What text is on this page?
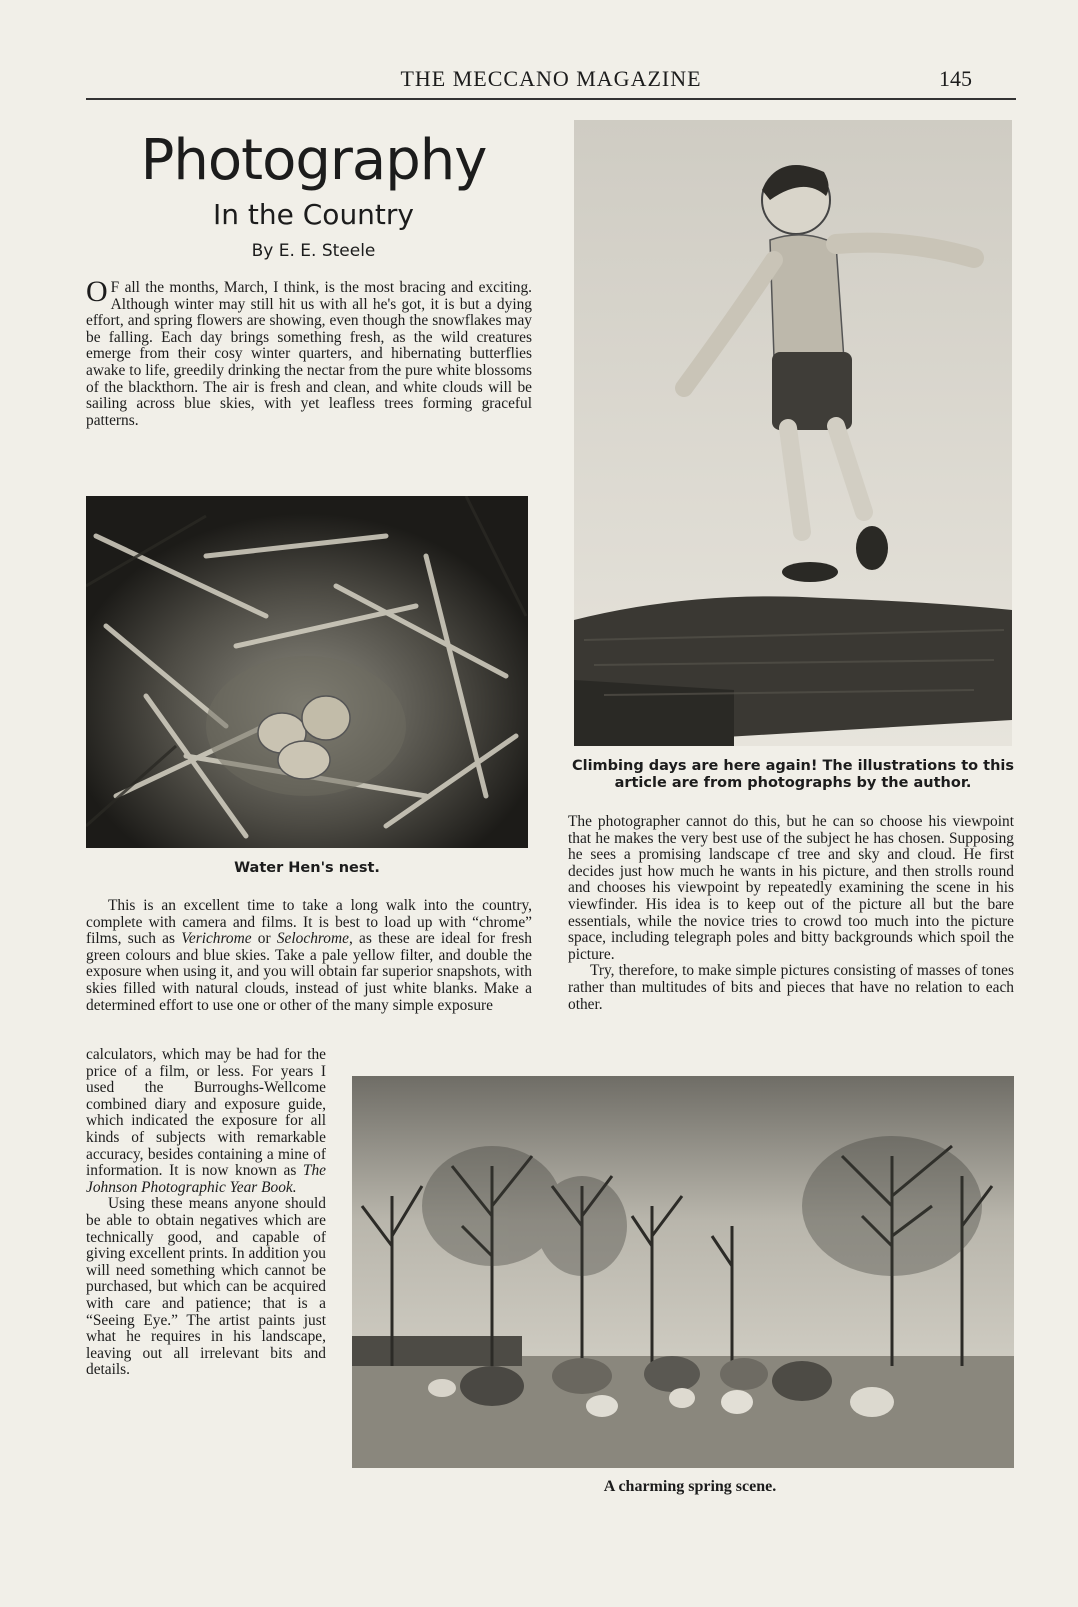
THE MECCANO MAGAZINE	145
Photography
In the Country
By E. E. Steele

O F all the months, March, I think, is the most bracing and exciting. Although winter may still hit us with all he's got, it is but a dying effort, and spring flowers are showing, even though the snowflakes may be falling. Each day brings something fresh, as the wild creatures emerge from their cosy winter quarters, and hibernating butterflies awake to life, greedily drinking the nectar from the pure white blossoms of the blackthorn. The air is fresh and clean, and white clouds will be sailing across blue skies, with yet leafless trees forming graceful patterns.

Water Hen's nest.

This is an excellent time to take a long walk into the country, complete with camera and films. It is best to load up with “chrome” films, such as Verichrome or Selochrome, as these are ideal for fresh green colours and blue skies. Take a pale yellow filter, and double the exposure when using it, and you will obtain far superior snapshots, with skies filled with natural clouds, instead of just white blanks. Make a determined effort to use one or other of the many simple exposure

calculators, which may be had for the price of a film, or less. For years I used the Burroughs-Wellcome combined diary and exposure guide, which indicated the exposure for all kinds of subjects with remarkable accuracy, besides containing a mine of information. It is now known as The Johnson Photographic Year Book.

Using these means anyone should be able to obtain negatives which are technically good, and capable of giving excellent prints. In addition you will need something which cannot be purchased, but which can be acquired with care and patience; that is a “Seeing Eye.” The artist paints just what he requires in his landscape, leaving out all irrelevant bits and details.

Climbing days are here again! The illustrations to this article are from photographs by the author.

The photographer cannot do this, but he can so choose his viewpoint that he makes the very best use of the subject he has chosen. Supposing he sees a promising landscape cf tree and sky and cloud. He first decides just how much he wants in his picture, and then strolls round and chooses his viewpoint by repeatedly examining the scene in his viewfinder. His idea is to keep out of the picture all but the bare essentials, while the novice tries to crowd too much into the picture space, including telegraph poles and bitty backgrounds which spoil the picture.

Try, therefore, to make simple pictures consisting of masses of tones rather than multitudes of bits and pieces that have no relation to each other.

A charming spring scene.
